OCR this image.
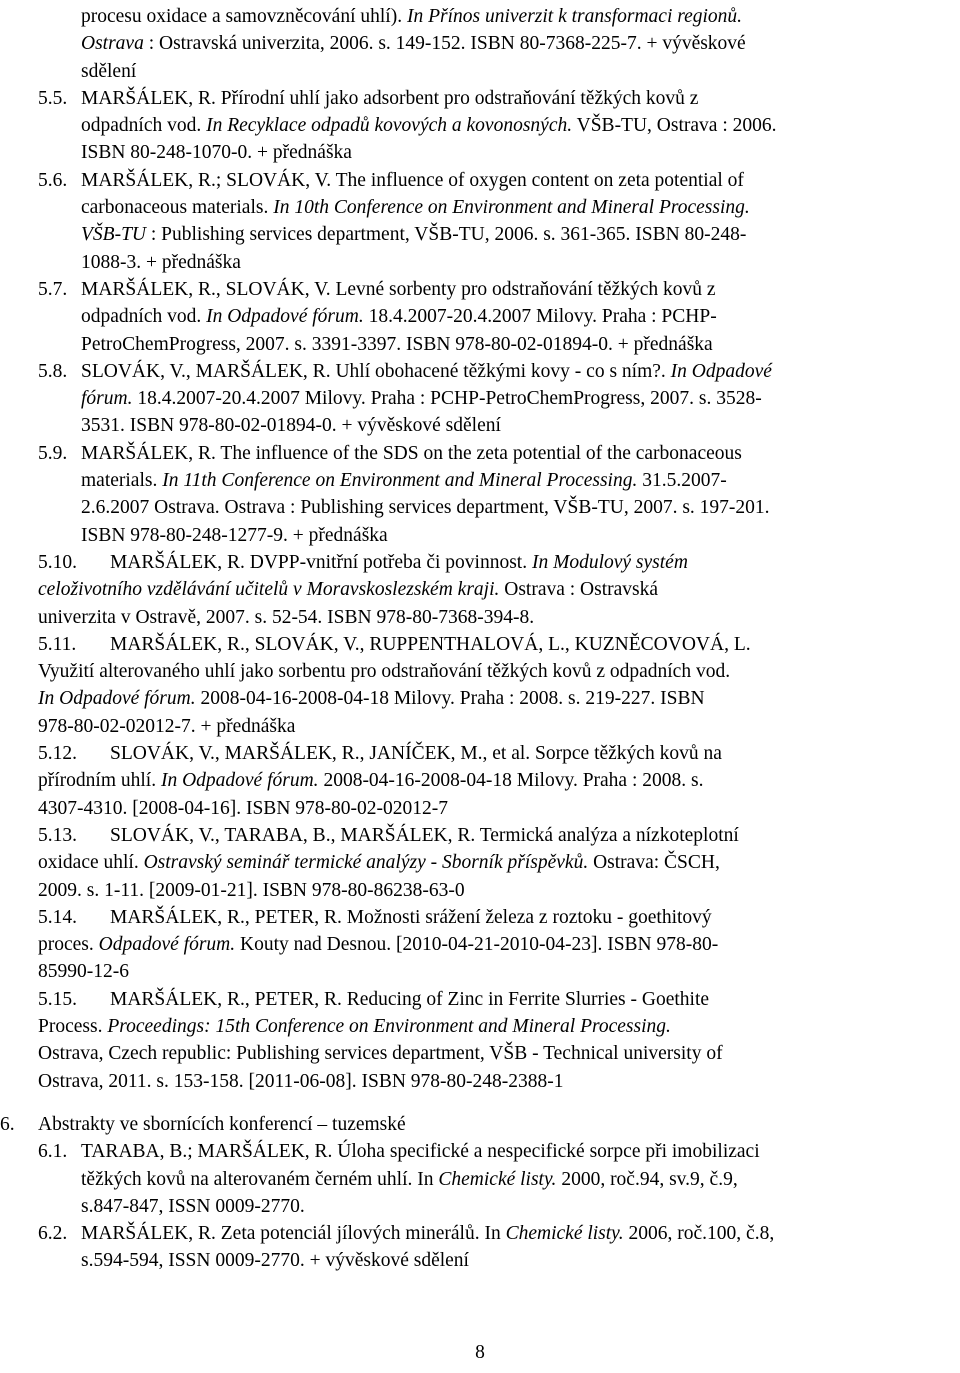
procesu oxidace a samovzněcování uhlí). In Přínos univerzit k transformaci regionů.
Ostrava : Ostravská univerzita, 2006. s. 149-152. ISBN 80-7368-225-7. + vývěskové
sdělení
5.5. MARŠÁLEK, R. Přírodní uhlí jako adsorbent pro odstraňování těžkých kovů z
odpadních vod. In Recyklace odpadů kovových a kovonosných. VŠB-TU, Ostrava : 2006.
ISBN 80-248-1070-0. + přednáška
5.6. MARŠÁLEK, R.; SLOVÁK, V. The influence of oxygen content on zeta potential of
carbonaceous materials. In 10th Conference on Environment and Mineral Processing.
VŠB-TU : Publishing services department, VŠB-TU, 2006. s. 361-365. ISBN 80-248-
1088-3. + přednáška
5.7. MARŠÁLEK, R., SLOVÁK, V. Levné sorbenty pro odstraňování těžkých kovů z
odpadních vod. In Odpadové fórum. 18.4.2007-20.4.2007 Milovy. Praha : PCHP-
PetroChemProgress, 2007. s. 3391-3397. ISBN 978-80-02-01894-0. + přednáška
5.8. SLOVÁK, V., MARŠÁLEK, R. Uhlí obohacené těžkými kovy - co s ním?. In Odpadové
fórum. 18.4.2007-20.4.2007 Milovy. Praha : PCHP-PetroChemProgress, 2007. s. 3528-
3531. ISBN 978-80-02-01894-0. + vývěskové sdělení
5.9. MARŠÁLEK, R. The influence of the SDS on the zeta potential of the carbonaceous
materials. In 11th Conference on Environment and Mineral Processing. 31.5.2007-
2.6.2007 Ostrava. Ostrava : Publishing services department, VŠB-TU, 2007. s. 197-201.
ISBN 978-80-248-1277-9. + přednáška
5.10. MARŠÁLEK, R. DVPP-vnitřní potřeba či povinnost. In Modulový systém
celoživotního vzdělávání učitelů v Moravskoslezském kraji. Ostrava : Ostravská
univerzita v Ostravě, 2007. s. 52-54. ISBN 978-80-7368-394-8.
5.11. MARŠÁLEK, R., SLOVÁK, V., RUPPENTHALOVÁ, L., KUZNĚCOVOVÁ, L.
Využití alterovaného uhlí jako sorbentu pro odstraňování těžkých kovů z odpadních vod.
In Odpadové fórum. 2008-04-16-2008-04-18 Milovy. Praha : 2008. s. 219-227. ISBN
978-80-02-02012-7. + přednáška
5.12. SLOVÁK, V., MARŠÁLEK, R., JANÍČEK, M., et al. Sorpce těžkých kovů na
přírodním uhlí. In Odpadové fórum. 2008-04-16-2008-04-18 Milovy. Praha : 2008. s.
4307-4310. [2008-04-16]. ISBN 978-80-02-02012-7
5.13. SLOVÁK, V., TARABA, B., MARŠÁLEK, R. Termická analýza a nízkoteplotní
oxidace uhlí. Ostravský seminář termické analýzy - Sborník příspěvků. Ostrava: ČSCH,
2009. s. 1-11. [2009-01-21]. ISBN 978-80-86238-63-0
5.14. MARŠÁLEK, R., PETER, R. Možnosti srážení železa z roztoku - goethitový
proces. Odpadové fórum. Kouty nad Desnou. [2010-04-21-2010-04-23]. ISBN 978-80-
85990-12-6
5.15. MARŠÁLEK, R., PETER, R. Reducing of Zinc in Ferrite Slurries - Goethite
Process. Proceedings: 15th Conference on Environment and Mineral Processing.
Ostrava, Czech republic: Publishing services department, VŠB - Technical university of
Ostrava, 2011. s. 153-158. [2011-06-08]. ISBN 978-80-248-2388-1
6. Abstrakty ve sbornících konferencí – tuzemské
6.1. TARABA, B.; MARŠÁLEK, R. Úloha specifické a nespecifické sorpce při imobilizaci
těžkých kovů na alterovaném černém uhlí. In Chemické listy. 2000, roč.94, sv.9, č.9,
s.847-847, ISSN 0009-2770.
6.2. MARŠÁLEK, R. Zeta potenciál jílových minerálů. In Chemické listy. 2006, roč.100, č.8,
s.594-594, ISSN 0009-2770. + vývěskové sdělení
8
